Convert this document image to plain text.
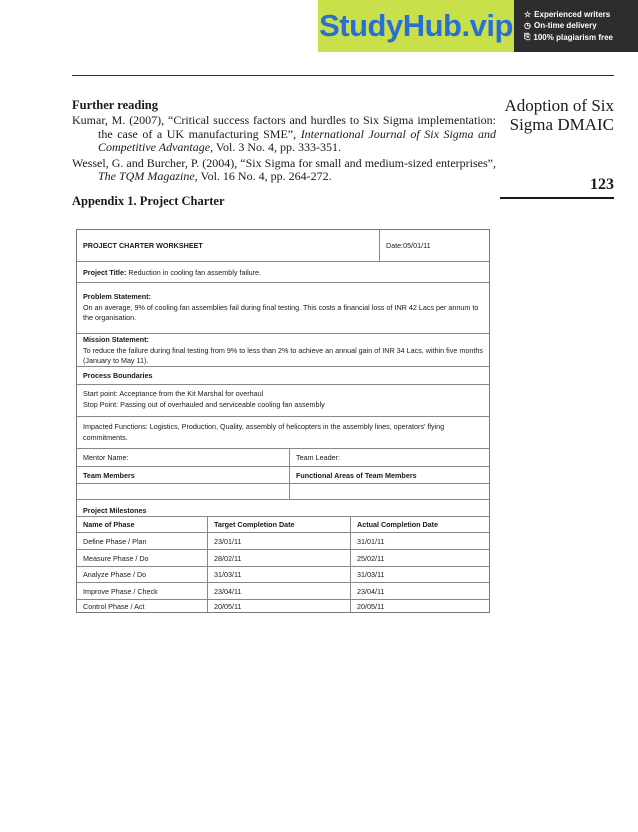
StudyHub.vip ☆ Experienced writers
◷ On-time delivery
⎘ 100% plagiarism free
Further reading
Kumar, M. (2007), “Critical success factors and hurdles to Six Sigma implementation: the case of a UK manufacturing SME”, International Journal of Six Sigma and Competitive Advantage, Vol. 3 No. 4, pp. 333-351.
Wessel, G. and Burcher, P. (2004), “Six Sigma for small and medium-sized enterprises”, The TQM Magazine, Vol. 16 No. 4, pp. 264-272.
Adoption of Six Sigma DMAIC
123
Appendix 1. Project Charter
PROJECT CHARTER WORKSHEET	Date:05/01/11
Project Title: Reduction in cooling fan assembly failure.
Problem Statement:
On an average, 9% of cooling fan assemblies fail during final testing. This costs a financial loss of INR 42 Lacs per annum to the organisation.
Mission Statement:
To reduce the failure during final testing from 9% to less than 2% to achieve an annual gain of INR 34 Lacs, within five months (January to May 11).
Process Boundaries
Start point: Acceptance from the Kit Marshal for overhaul
Stop Point: Passing out of overhauled and serviceable cooling fan assembly
Impacted Functions: Logistics, Production, Quality, assembly of helicopters in the assembly lines, operators’ flying commitments.
Mentor Name:	Team Leader:
Team Members	Functional Areas of Team Members
Project Milestones
Name of Phase	Target Completion Date	Actual Completion Date
Define Phase / Plan	23/01/11	31/01/11
Measure Phase / Do	28/02/11	25/02/11
Analyze Phase / Do	31/03/11	31/03/11
Improve Phase / Check	23/04/11	23/04/11
Control Phase / Act	20/05/11	20/05/11
